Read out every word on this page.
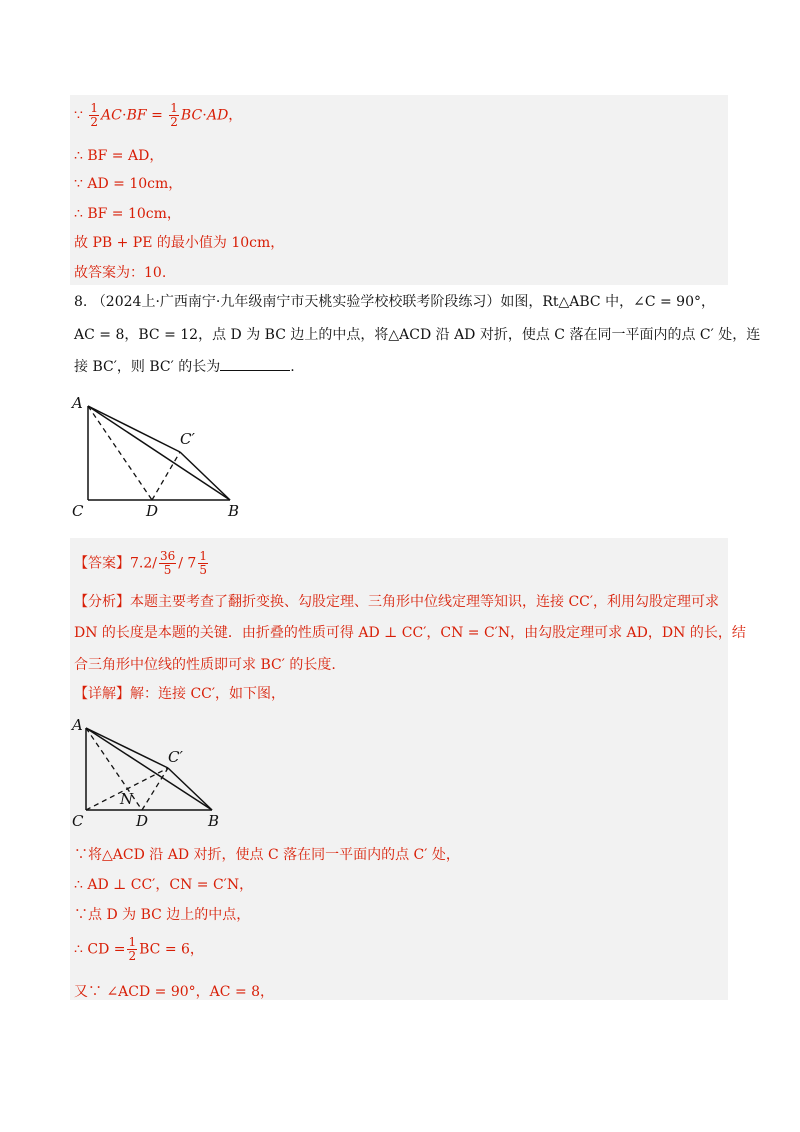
∵ $\frac{1}{2} AC\cdot BF = \frac{1}{2} BC\cdot AD$，
∴ BF = AD，
∵ AD = 10cm，
∴ BF = 10cm，
故 PB + PE 的最小值为 10cm，
故答案为：10.
8. （2024上·广西南宁·九年级南宁市天桃实验学校校联考阶段练习）如图，Rt△ABC 中，∠C = 90°，
AC = 8，BC = 12，点 D 为 BC 边上的中点，将△ACD 沿 AD 对折，使点 C 落在同一平面内的点 C′ 处，连
接 BC′，则 BC′ 的长为	.
A
C	D	B
C′
【答案】$7.2/ \frac{36}{5} / 7 \frac{1}{5}$
【分析】本题主要考查了翻折变换、勾股定理、三角形中位线定理等知识，连接 CC′，利用勾股定理可求
DN 的长度是本题的关键．由折叠的性质可得 AD ⊥ CC′，CN = C′N，由勾股定理可求 AD，DN 的长，结
合三角形中位线的性质即可求 BC′ 的长度.
【详解】解：连接 CC′，如下图，
A
C	D	B
C′
N
∵将△ACD 沿 AD 对折，使点 C 落在同一平面内的点 C′ 处，
∴ AD ⊥ CC′，CN = C′N，
∵点 D 为 BC 边上的中点，
∴ CD = $\frac{1}{2}$ BC = 6，
又∵ ∠ACD = 90°，AC = 8，
